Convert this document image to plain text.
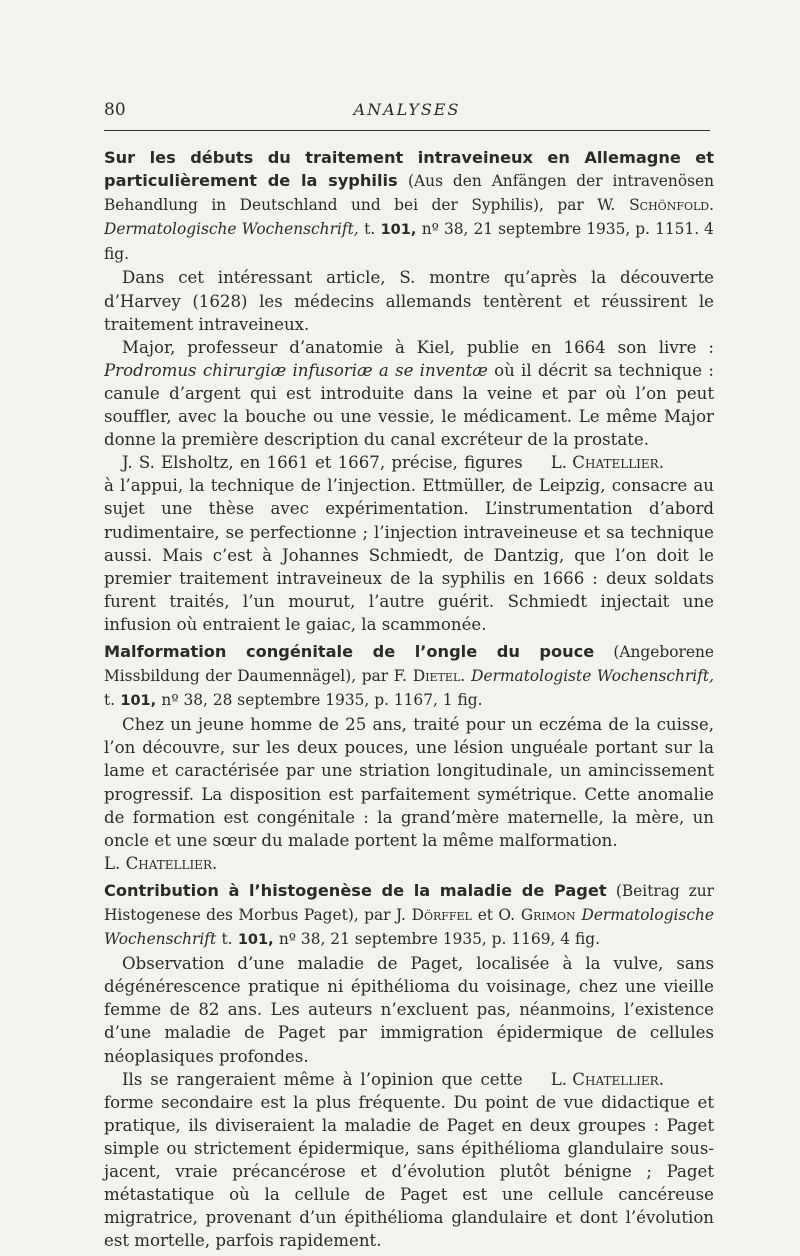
80	ANALYSES

Sur les débuts du traitement intraveineux en Allemagne et particulièrement de la syphilis (Aus den Anfängen der intravenösen Behandlung in Deutschland und bei der Syphilis), par W. Schönfold. Dermatologische Wochenschrift, t. 101, nº 38, 21 septembre 1935, p. 1151. 4 fig.

Dans cet intéressant article, S. montre qu’après la découverte d’Harvey (1628) les médecins allemands tentèrent et réussirent le traitement intraveineux.

Major, professeur d’anatomie à Kiel, publie en 1664 son livre : Prodromus chirurgiæ infusoriæ a se inventæ où il décrit sa technique : canule d’argent qui est introduite dans la veine et par où l’on peut souffler, avec la bouche ou une vessie, le médicament. Le même Major donne la première description du canal excréteur de la prostate.

L. Chatellier.
J. S. Elsholtz, en 1661 et 1667, précise, figures à l’appui, la technique de l’injection. Ettmüller, de Leipzig, consacre au sujet une thèse avec expérimentation. L’instrumentation d’abord rudimentaire, se perfectionne ; l’injection intraveineuse et sa technique aussi. Mais c’est à Johannes Schmiedt, de Dantzig, que l’on doit le premier traitement intraveineux de la syphilis en 1666 : deux soldats furent traités, l’un mourut, l’autre guérit. Schmiedt injectait une infusion où entraient le gaiac, la scammonée.

Malformation congénitale de l’ongle du pouce (Angeborene Missbildung der Daumennägel), par F. Dietel. Dermatologiste Wochenschrift, t. 101, nº 38, 28 septembre 1935, p. 1167, 1 fig.

Chez un jeune homme de 25 ans, traité pour un eczéma de la cuisse, l’on découvre, sur les deux pouces, une lésion unguéale portant sur la lame et caractérisée par une striation longitudinale, un amincissement progressif. La disposition est parfaitement symétrique. Cette anomalie de formation est congénitale : la grand’mère maternelle, la mère, un oncle et une sœur du malade portent la même malformation.

L. Chatellier.

Contribution à l’histogenèse de la maladie de Paget (Beitrag zur Histogenese des Morbus Paget), par J. Dörffel et O. Grimon Dermatologische Wochenschrift t. 101, nº 38, 21 septembre 1935, p. 1169, 4 fig.

Observation d’une maladie de Paget, localisée à la vulve, sans dégénérescence pratique ni épithélioma du voisinage, chez une vieille femme de 82 ans. Les auteurs n’excluent pas, néanmoins, l’existence d’une maladie de Paget par immigration épidermique de cellules néoplasiques profondes.

L. Chatellier.
Ils se rangeraient même à l’opinion que cette forme secondaire est la plus fréquente. Du point de vue didactique et pratique, ils diviseraient la maladie de Paget en deux groupes : Paget simple ou strictement épidermique, sans épithélioma glandulaire sous-jacent, vraie précancérose et d’évolution plutôt bénigne ; Paget métastatique où la cellule de Paget est une cellule cancéreuse migratrice, provenant d’un épithélioma glandulaire et dont l’évolution est mortelle, parfois rapidement.
